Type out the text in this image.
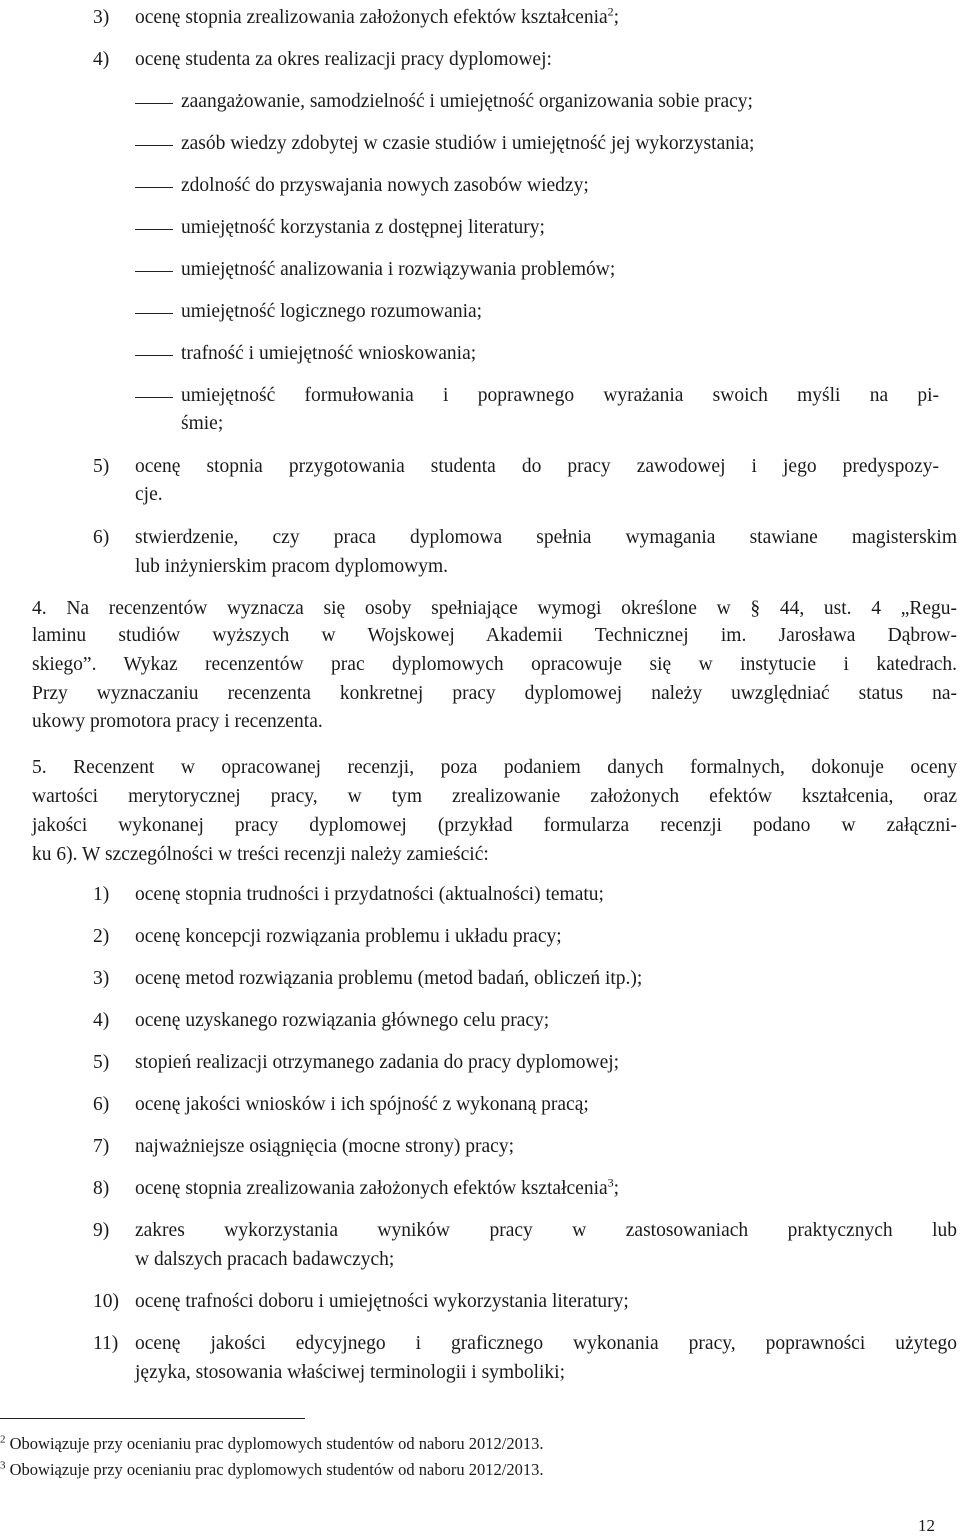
3) ocenę stopnia zrealizowania założonych efektów kształcenia$^2$;
4) ocenę studenta za okres realizacji pracy dyplomowej:
zaangażowanie, samodzielność i umiejętność organizowania sobie pracy;
zasób wiedzy zdobytej w czasie studiów i umiejętność jej wykorzystania;
zdolność do przyswajania nowych zasobów wiedzy;
umiejętność korzystania z dostępnej literatury;
umiejętność analizowania i rozwiązywania problemów;
umiejętność logicznego rozumowania;
trafność i umiejętność wnioskowania;
umiejętność formułowania i poprawnego wyrażania swoich myśli na pi-
śmie;
5) ocenę stopnia przygotowania studenta do pracy zawodowej i jego predyspozy-
cje.
6) stwierdzenie, czy praca dyplomowa spełnia wymagania stawiane magisterskim
lub inżynierskim pracom dyplomowym.
4. Na recenzentów wyznacza się osoby spełniające wymogi określone w § 44, ust. 4 „Regu-
laminu studiów wyższych w Wojskowej Akademii Technicznej im. Jarosława Dąbrow-
skiego”. Wykaz recenzentów prac dyplomowych opracowuje się w instytucie i katedrach.
Przy wyznaczaniu recenzenta konkretnej pracy dyplomowej należy uwzględniać status na-
ukowy promotora pracy i recenzenta.
5. Recenzent w opracowanej recenzji, poza podaniem danych formalnych, dokonuje oceny
wartości merytorycznej pracy, w tym zrealizowanie założonych efektów kształcenia, oraz
jakości wykonanej pracy dyplomowej (przykład formularza recenzji podano w załączni-
ku 6). W szczególności w treści recenzji należy zamieścić:
1) ocenę stopnia trudności i przydatności (aktualności) tematu;
2) ocenę koncepcji rozwiązania problemu i układu pracy;
3) ocenę metod rozwiązania problemu (metod badań, obliczeń itp.);
4) ocenę uzyskanego rozwiązania głównego celu pracy;
5) stopień realizacji otrzymanego zadania do pracy dyplomowej;
6) ocenę jakości wniosków i ich spójność z wykonaną pracą;
7) najważniejsze osiągnięcia (mocne strony) pracy;
8) ocenę stopnia zrealizowania założonych efektów kształcenia$^3$;
9) zakres wykorzystania wyników pracy w zastosowaniach praktycznych lub
w dalszych pracach badawczych;
10) ocenę trafności doboru i umiejętności wykorzystania literatury;
11) ocenę jakości edycyjnego i graficznego wykonania pracy, poprawności użytego
języka, stosowania właściwej terminologii i symboliki;
$^2$ Obowiązuje przy ocenianiu prac dyplomowych studentów od naboru 2012/2013.
$^3$ Obowiązuje przy ocenianiu prac dyplomowych studentów od naboru 2012/2013.
12
